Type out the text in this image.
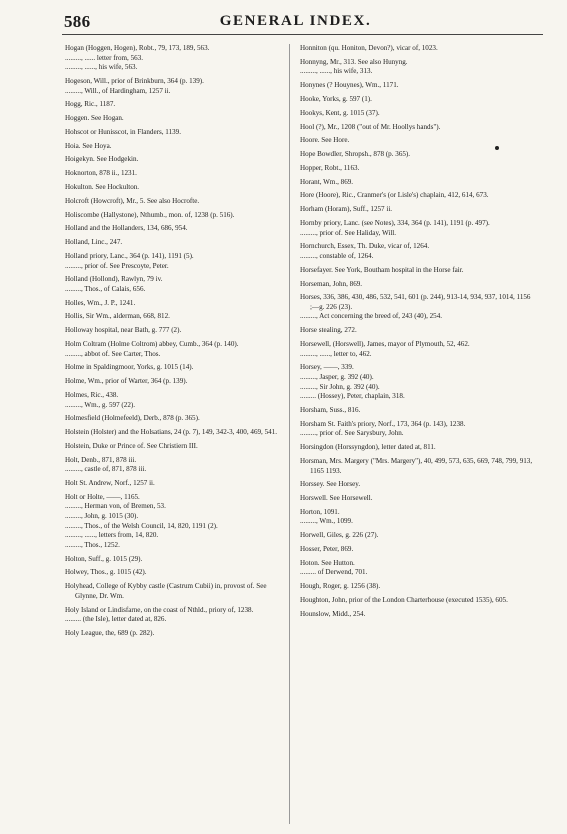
586	GENERAL INDEX.

Hogan (Hoggen, Hogen), Robt., 79, 173, 189, 563.

........., ...... letter from, 563.

........., ......, his wife, 563.

Hogeson, Will., prior of Brinkburn, 364 (p. 139).

........., Will., of Hardingham, 1257 ii.

Hogg, Ric., 1187.

Hoggen. See Hogan.

Hohscot or Hunisscot, in Flanders, 1139.

Hoia. See Hoya.

Hoigekyn. See Hodgekin.

Hoknorton, 878 ii., 1231.

Hokulton. See Hockulton.

Holcroft (Howcroft), Mr., 5. See also Hocrofte.

Holiscombe (Hallystone), Nthumb., mon. of, 1238 (p. 516).

Holland and the Hollanders, 134, 686, 954.

Holland, Linc., 247.

Holland priory, Lanc., 364 (p. 141), 1191 (5).

........., prior of. See Prescoyte, Peter.

Holland (Hollond), Rawlyn, 79 iv.

........., Thos., of Calais, 656.

Holles, Wm., J. P., 1241.

Hollis, Sir Wm., alderman, 668, 812.

Holloway hospital, near Bath, g. 777 (2).

Holm Coltram (Holme Coltrom) abbey, Cumb., 364 (p. 140).

........., abbot of. See Carter, Thos.

Holme in Spaldingmoor, Yorks, g. 1015 (14).

Holme, Wm., prior of Warter, 364 (p. 139).

Holmes, Ric., 438.

........., Wm., g. 597 (22).

Holmesfield (Holmefeeld), Derb., 878 (p. 365).

Holstein (Holster) and the Holsatians, 24 (p. 7), 149, 342-3, 400, 469, 541.

Holstein, Duke or Prince of. See Christiern III.

Holt, Denb., 871, 878 iii.

........., castle of, 871, 878 iii.

Holt St. Andrew, Norf., 1257 ii.

Holt or Holte, ——, 1165.

........., Herman von, of Bremen, 53.

........., John, g. 1015 (30).

........., Thos., of the Welsh Council, 14, 820, 1191 (2).

........., ......, letters from, 14, 820.

........., Thos., 1252.

Holton, Suff., g. 1015 (29).

Holwey, Thos., g. 1015 (42).

Holyhead, College of Kybby castle (Castrum Cubii) in, provost of. See Glynne, Dr. Wm.

Holy Island or Lindisfarne, on the coast of Nthld., priory of, 1238.

......... (the Isle), letter dated at, 826.

Holy League, the, 689 (p. 282).

Honniton (qu. Honiton, Devon?), vicar of, 1023.

Honnyng, Mr., 313. See also Hunyng.

........., ......, his wife, 313.

Honynes (? Houynes), Wm., 1171.

Hooke, Yorks, g. 597 (1).

Hookys, Kent, g. 1015 (37).

Hool (?), Mr., 1208 ("out of Mr. Hoollys hands").

Hoore. See Hore.

Hope Bowdler, Shropsh., 878 (p. 365).

Hopper, Robt., 1163.

Horant, Wm., 869.

Hore (Hoore), Ric., Cranmer's (or Lisle's) chaplain, 412, 614, 673.

Horham (Horam), Suff., 1257 ii.

Hornby priory, Lanc. (see Notes), 334, 364 (p. 141), 1191 (p. 497).

........., prior of. See Haliday, Will.

Hornchurch, Essex, Th. Duke, vicar of, 1264.

........., constable of, 1264.

Horsefayer. See York, Boutham hospital in the Horse fair.

Horseman, John, 869.

Horses, 336, 386, 430, 486, 532, 541, 601 (p. 244), 913-14, 934, 937, 1014, 1156 ;—g. 226 (23).

........., Act concerning the breed of, 243 (40), 254.

Horse stealing, 272.

Horsewell, (Horswell), James, mayor of Plymouth, 52, 462.

........., ......, letter to, 462.

Horsey, ——, 339.

........., Jasper, g. 392 (40).

........., Sir John, g. 392 (40).

......... (Hossey), Peter, chaplain, 318.

Horsham, Suss., 816.

Horsham St. Faith's priory, Norf., 173, 364 (p. 143), 1238.

........., prior of. See Sarysbury, John.

Horsingdon (Horssyngdon), letter dated at, 811.

Horsman, Mrs. Margery ("Mrs. Margery"), 40, 499, 573, 635, 669, 748, 799, 913, 1165 1193.

Horssey. See Horsey.

Horswell. See Horsewell.

Horton, 1091.

........., Wm., 1099.

Horwell, Giles, g. 226 (27).

Hosser, Peter, 869.

Hoton. See Hutton.

......... of Derwend, 701.

Hough, Roger, g. 1256 (38).

Houghton, John, prior of the London Charterhouse (executed 1535), 605.

Hounslow, Midd., 254.
